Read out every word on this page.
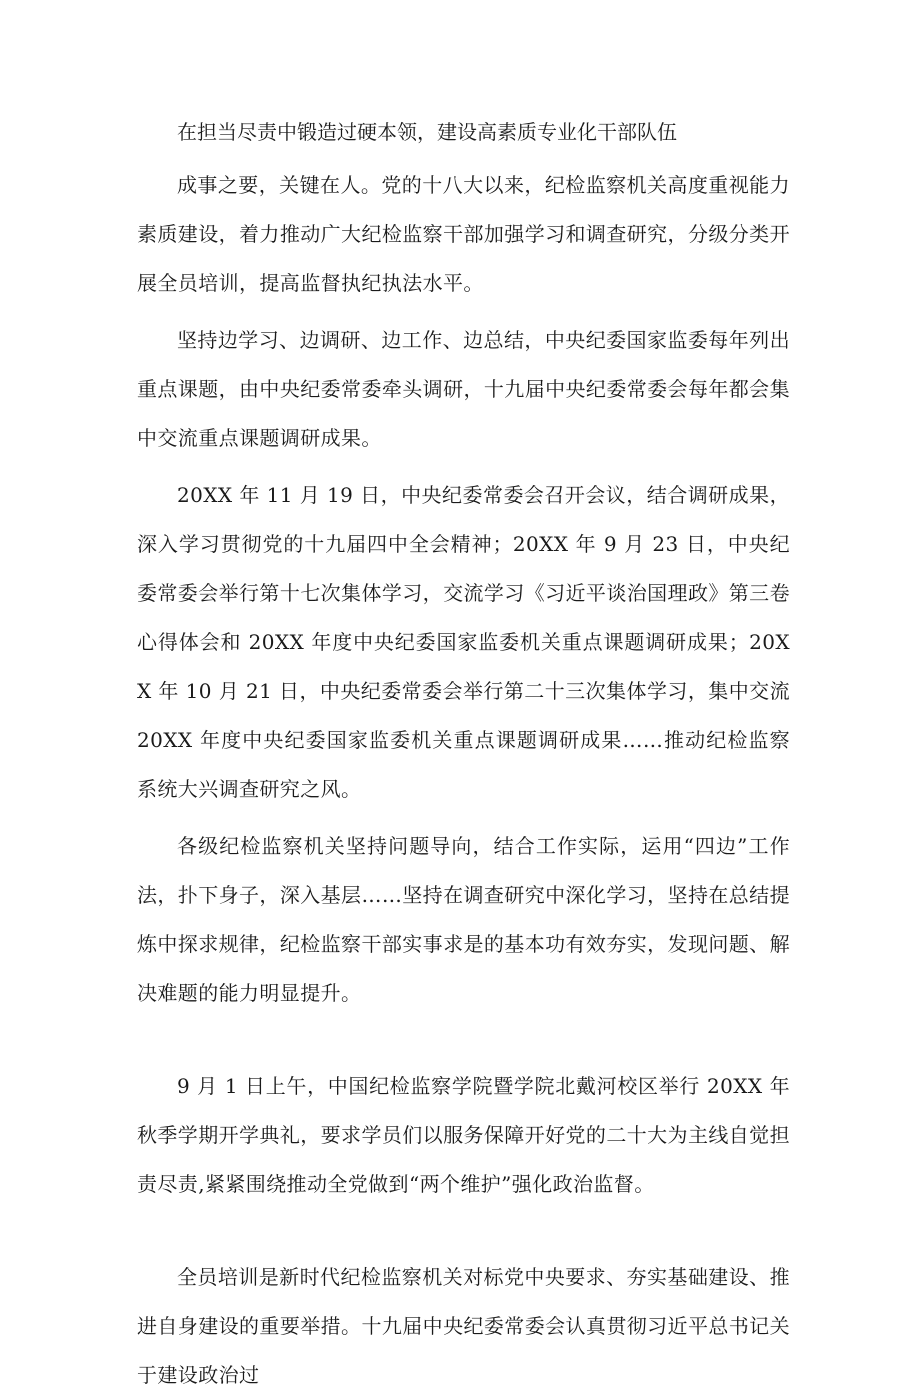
在担当尽责中锻造过硬本领，建设高素质专业化干部队伍

成事之要，关键在人。党的十八大以来，纪检监察机关高度重视能力素质建设，着力推动广大纪检监察干部加强学习和调查研究，分级分类开展全员培训，提高监督执纪执法水平。

坚持边学习、边调研、边工作、边总结，中央纪委国家监委每年列出重点课题，由中央纪委常委牵头调研，十九届中央纪委常委会每年都会集中交流重点课题调研成果。

20XX 年 11 月 19 日，中央纪委常委会召开会议，结合调研成果，深入学习贯彻党的十九届四中全会精神；20XX 年 9 月 23 日，中央纪委常委会举行第十七次集体学习，交流学习《习近平谈治国理政》第三卷心得体会和 20XX 年度中央纪委国家监委机关重点课题调研成果；20XX 年 10 月 21 日，中央纪委常委会举行第二十三次集体学习，集中交流 20XX 年度中央纪委国家监委机关重点课题调研成果……推动纪检监察系统大兴调查研究之风。

各级纪检监察机关坚持问题导向，结合工作实际，运用“四边”工作法，扑下身子，深入基层……坚持在调查研究中深化学习，坚持在总结提炼中探求规律，纪检监察干部实事求是的基本功有效夯实，发现问题、解决难题的能力明显提升。

9 月 1 日上午，中国纪检监察学院暨学院北戴河校区举行 20XX 年秋季学期开学典礼，要求学员们以服务保障开好党的二十大为主线自觉担责尽责,紧紧围绕推动全党做到“两个维护”强化政治监督。

全员培训是新时代纪检监察机关对标党中央要求、夯实基础建设、推进自身建设的重要举措。十九届中央纪委常委会认真贯彻习近平总书记关于建设政治过
